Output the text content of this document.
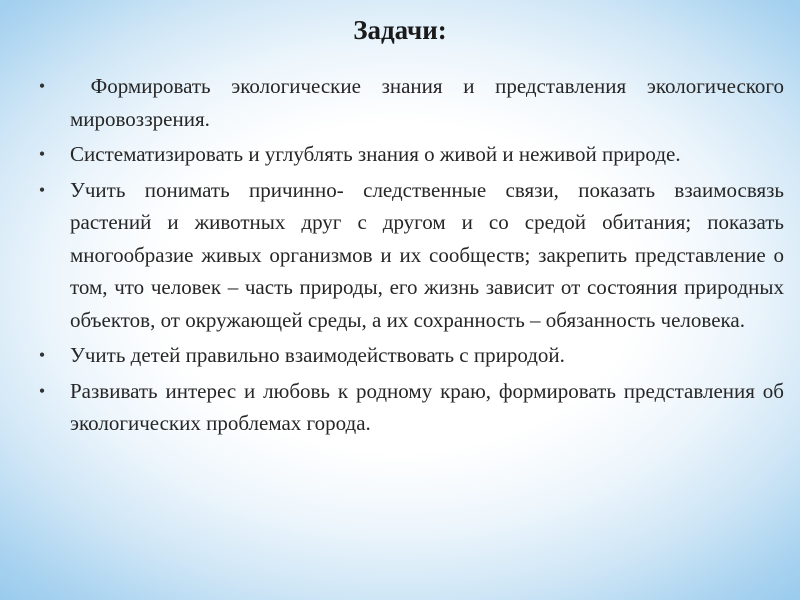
Задачи:
•	Формировать экологические знания и представления экологического мировоззрения.
•	Систематизировать и углублять знания о живой и неживой природе.
•	Учить понимать причинно- следственные связи, показать взаимосвязь растений и животных друг с другом и со средой обитания; показать многообразие живых организмов и их сообществ; закрепить представление о том, что человек – часть природы, его жизнь зависит от состояния природных объектов, от окружающей среды, а их сохранность – обязанность человека.
•	Учить детей правильно взаимодействовать с природой.
•	Развивать интерес и любовь к родному краю, формировать представления об экологических проблемах города.
